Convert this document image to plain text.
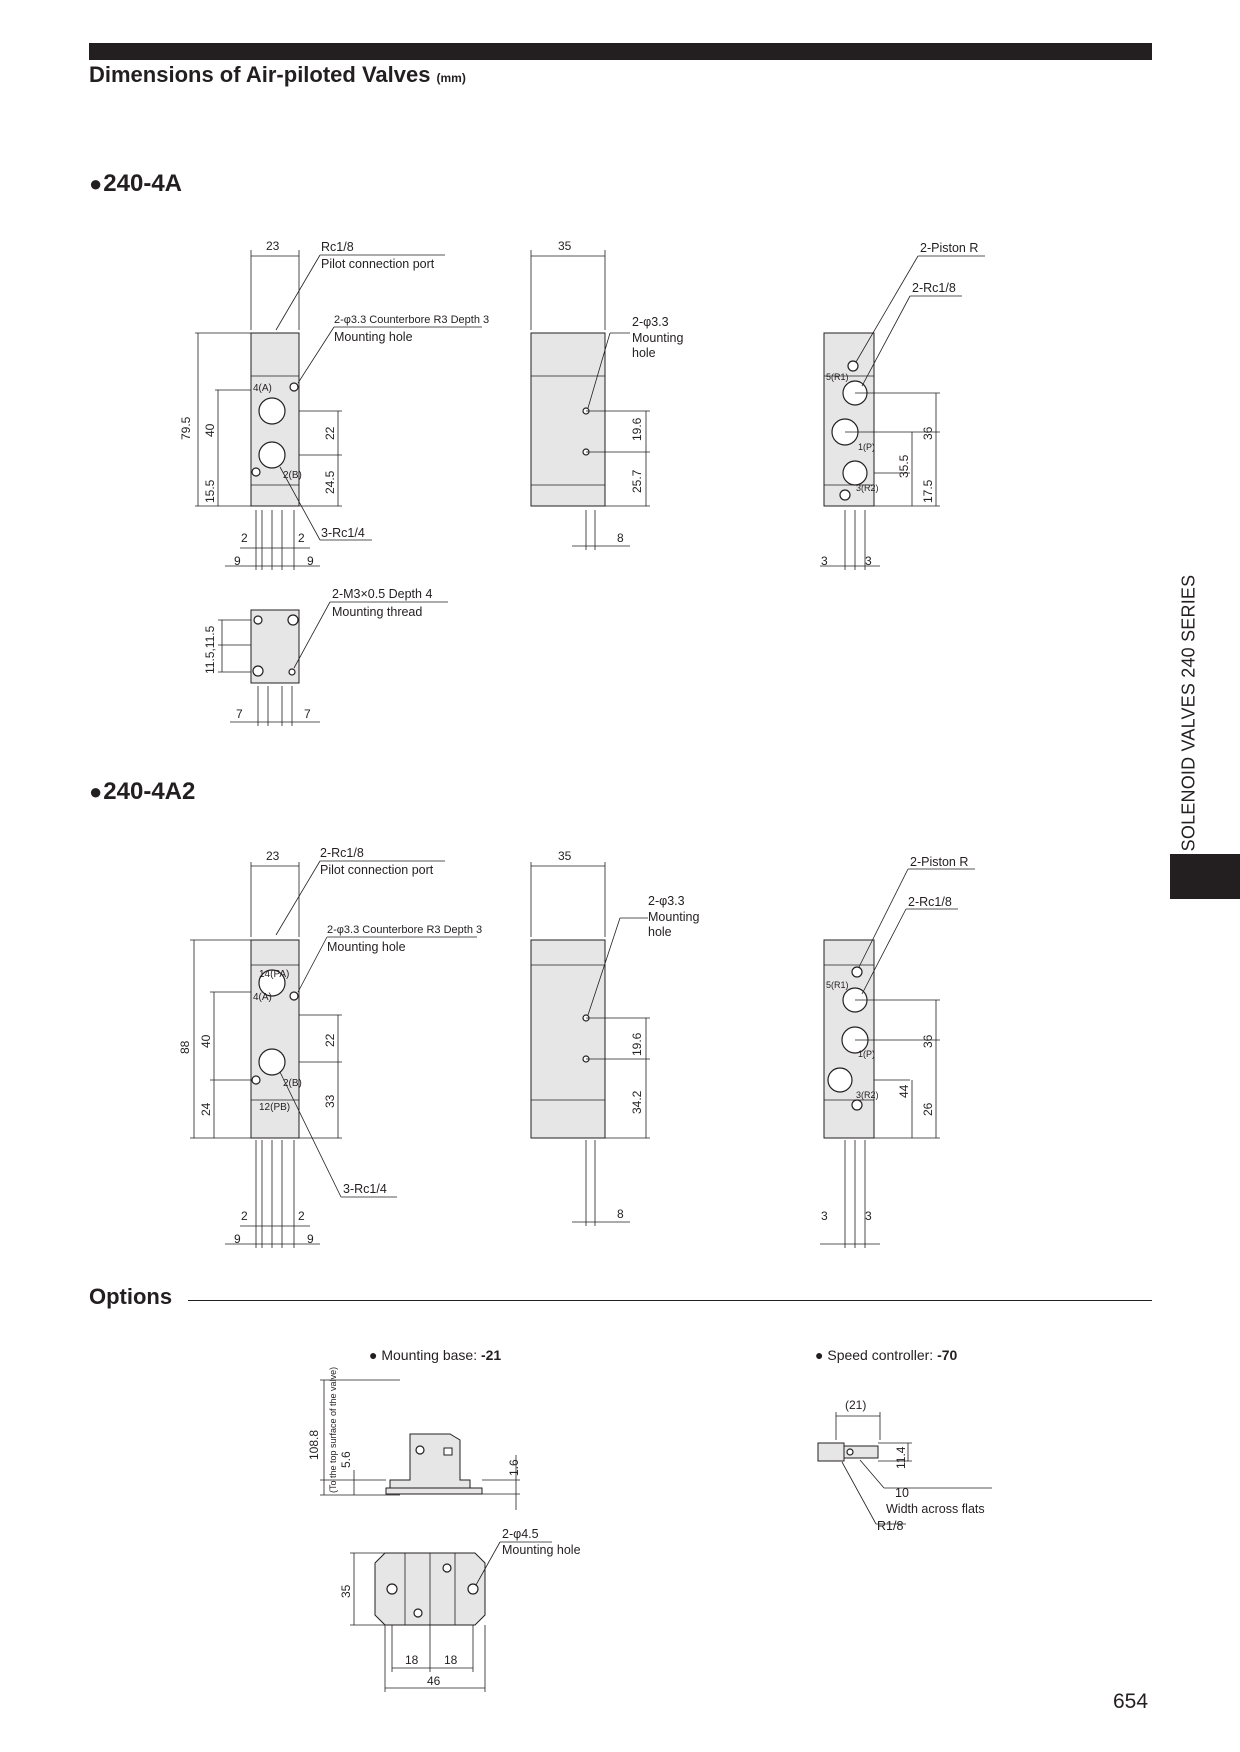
Dimensions of Air-piloted Valves (mm)
●240-4A
●240-4A2
Options
SOLENOID VALVES 240 SERIES
654
● Mounting base: -21	● Speed controller: -70
23	Rc1/8
Pilot connection port
2-φ3.3 Counterbore R3 Depth 3
Mounting hole
4(A)
2(B)
79.5 40
15.5
22
24.5
3-Rc1/4
2	2
9	9
35
2-φ3.3
Mounting
hole
19.6
25.7
8
2-Piston R
2-Rc1/8
5(R1)
1(P)
3(R2)
36
35.5
17.5
3	3
2-M3×0.5 Depth 4
Mounting thread
11.5,11.5
7	7
23	2-Rc1/8
Pilot connection port
2-φ3.3 Counterbore R3 Depth 3
Mounting hole
14(PA)
4(A)
2(B)
12(PB)
88 40
24
22
33
3-Rc1/4
2	2
9	9
35
2-φ3.3
Mounting
hole
19.6
34.2
8
2-Piston R
2-Rc1/8
5(R1)
1(P)
3(R2)
36
44
26
3	3
108.8 (To the top surface of the valve) 5.6	1.6
2-φ4.5
Mounting hole
35
18 18
46
(21)
11.4
10
Width across flats
R1/8
